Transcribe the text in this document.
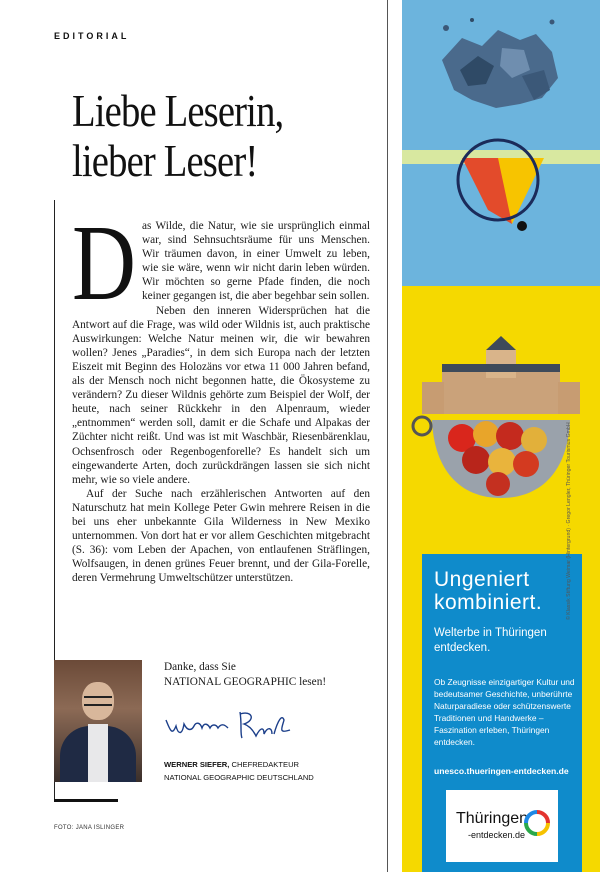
EDITORIAL
Liebe Leserin,
lieber Leser!

Das Wilde, die Natur, wie sie ursprünglich einmal war, sind Sehnsuchtsräume für uns Menschen. Wir träumen davon, in einer Umwelt zu leben, wie sie wäre, wenn wir nicht darin leben würden. Wir möchten so gerne Pfade finden, die noch keiner gegangen ist, die aber begehbar sein sollen.

Neben den inneren Widersprüchen hat die Antwort auf die Frage, was wild oder Wildnis ist, auch praktische Auswirkungen: Welche Natur meinen wir, die wir bewahren wollen? Jenes „Paradies“, in dem sich Europa nach der letzten Eiszeit mit Beginn des Holozäns vor etwa 11 000 Jahren befand, als der Mensch noch nicht begonnen hatte, die Ökosysteme zu verändern? Zu dieser Wildnis gehörte zum Beispiel der Wolf, der heute, nach seiner Rückkehr in den Alpenraum, wieder „entnommen“ werden soll, damit er die Schafe und Alpakas der Züchter nicht reißt. Und was ist mit Waschbär, Riesenbärenklau, Ochsenfrosch oder Regenbogenforelle? Es handelt sich um eingewanderte Arten, doch zurückdrängen lassen sie sich nicht mehr, wie so viele andere.

Auf der Suche nach erzählerischen Antworten auf den Naturschutz hat mein Kollege Peter Gwin mehrere Reisen in die bei uns eher unbekannte Gila Wilderness in New Mexiko unternommen. Von dort hat er vor allem Geschichten mitgebracht (S. 36): vom Leben der Apachen, von entlaufenen Sträflingen, Wolfsaugen, in denen grünes Feuer brennt, und der Gila-Forelle, deren Vermehrung Umweltschützer unterstützen.

Danke, dass Sie
NATIONAL GEOGRAPHIC lesen!
WERNER SIEFER, CHEFREDAKTEUR
NATIONAL GEOGRAPHIC DEUTSCHLAND
FOTO: JANA ISLINGER
Ungeniert
kombiniert.
Welterbe in Thüringen entdecken.
Ob Zeugnisse einzigartiger Kultur und bedeutsamer Geschichte, unberührte Naturparadiese oder schützenswerte Traditionen und Handwerke – Faszination erleben, Thüringen entdecken.
unesco.thueringen-entdecken.de
Thüringen
-entdecken.de
© Klassik Stiftung Weimar (Hintergrund) · Gregor Lengler, Thüringer Tourismus GmbH
